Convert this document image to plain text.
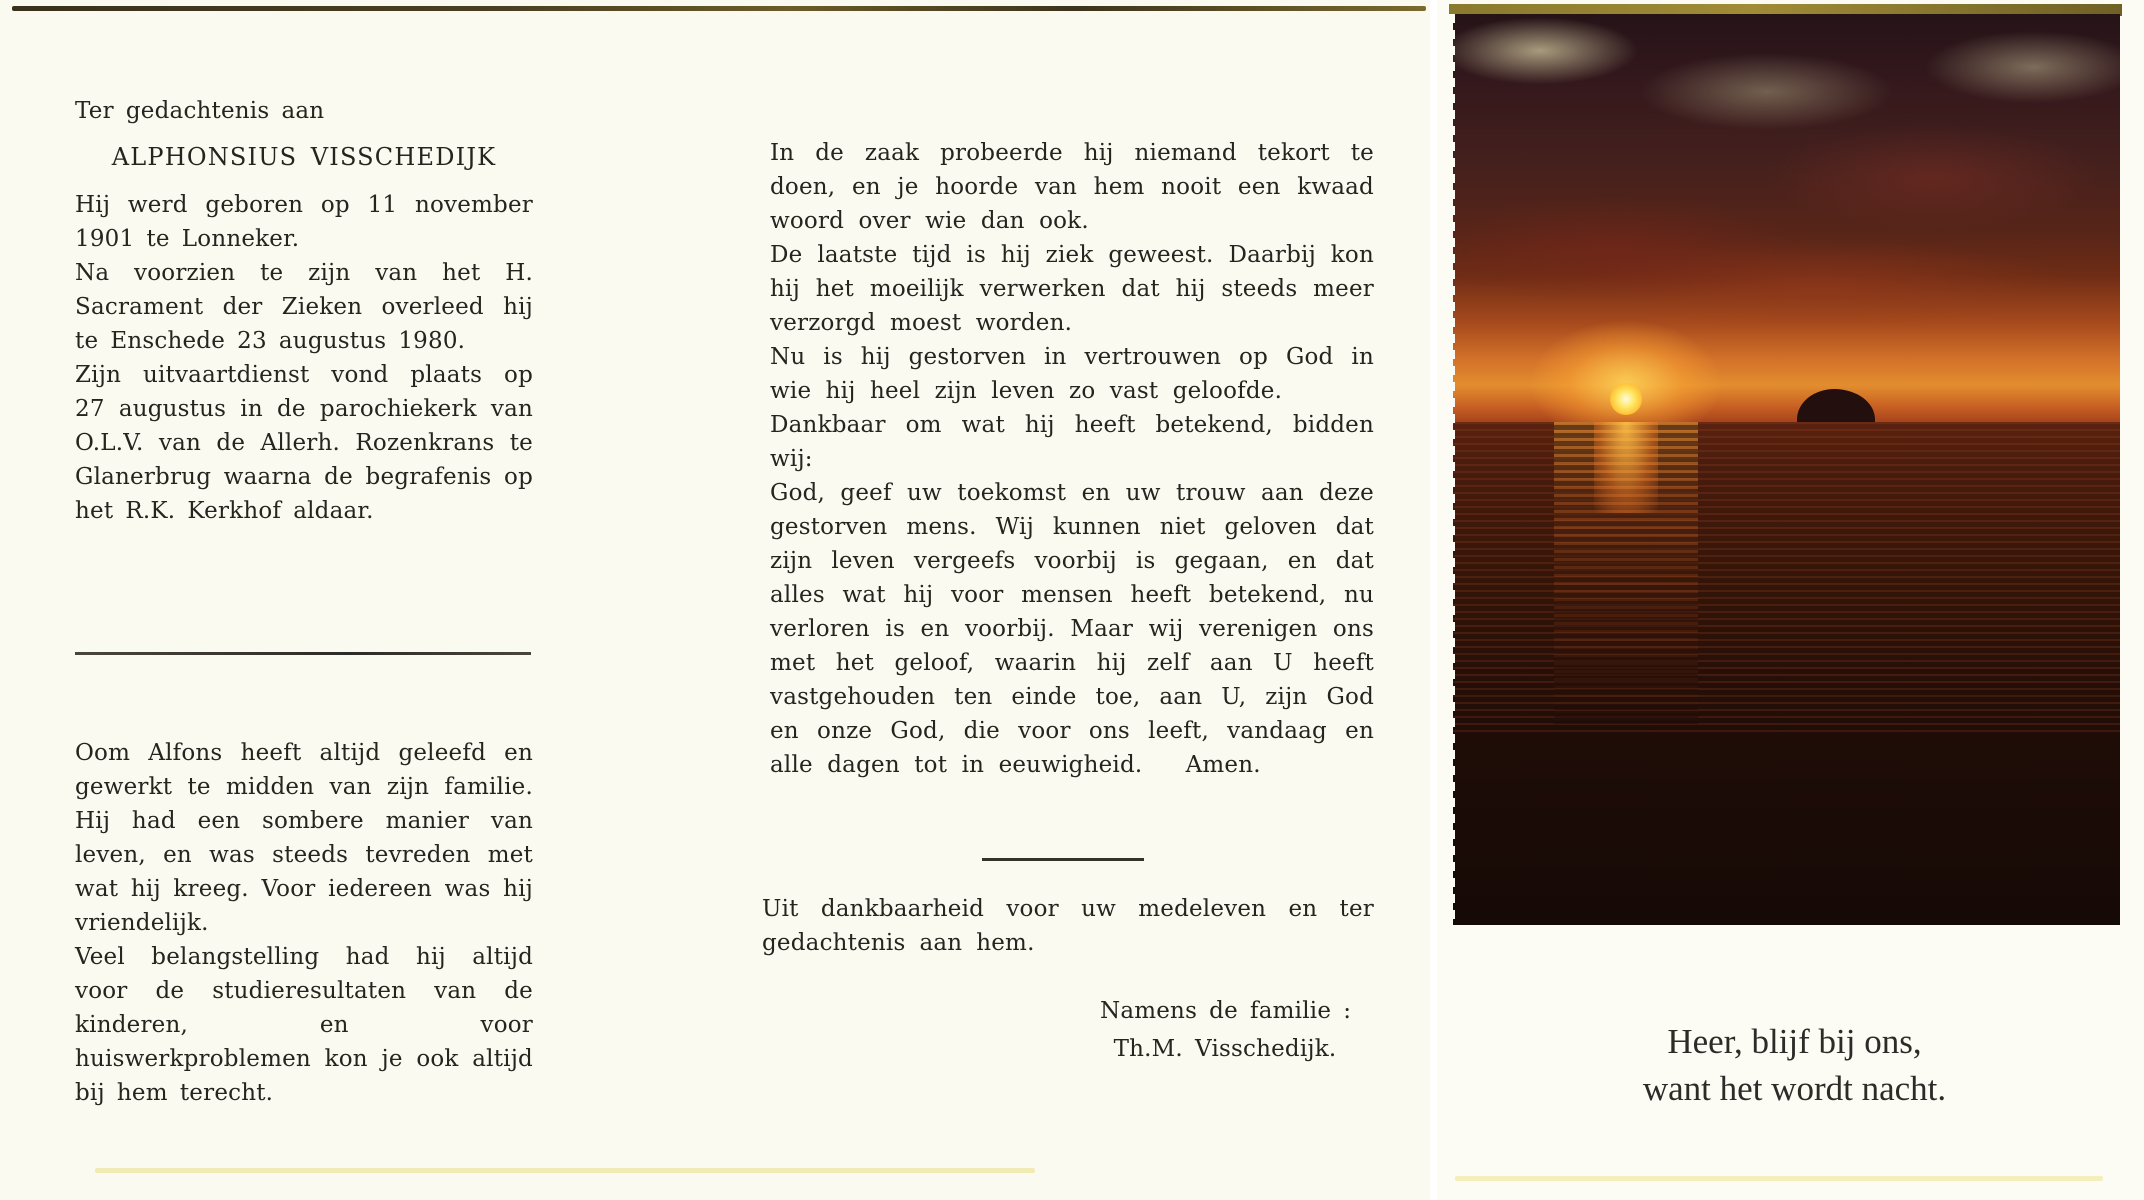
Ter gedachtenis aan

ALPHONSIUS VISSCHEDIJK

Hij werd geboren op 11 november 1901 te Lonneker.

Na voorzien te zijn van het H. Sacrament der Zieken overleed hij te Enschede 23 augustus 1980.

Zijn uitvaartdienst vond plaats op 27 augustus in de parochiekerk van O.L.V. van de Allerh. Rozenkrans te Glanerbrug waarna de begrafenis op het R.K. Kerkhof aldaar.

Oom Alfons heeft altijd geleefd en gewerkt te midden van zijn familie. Hij had een sombere manier van leven, en was steeds tevreden met wat hij kreeg. Voor iedereen was hij vriendelijk.

Veel belangstelling had hij altijd voor de studieresultaten van de kinderen, en voor huiswerkproblemen kon je ook altijd bij hem terecht.

In de zaak probeerde hij niemand tekort te doen, en je hoorde van hem nooit een kwaad woord over wie dan ook.

De laatste tijd is hij ziek geweest. Daarbij kon hij het moeilijk verwerken dat hij steeds meer verzorgd moest worden.

Nu is hij gestorven in vertrouwen op God in wie hij heel zijn leven zo vast geloofde.

Dankbaar om wat hij heeft betekend, bidden wij:

God, geef uw toekomst en uw trouw aan deze gestorven mens. Wij kunnen niet geloven dat zijn leven vergeefs voorbij is gegaan, en dat alles wat hij voor mensen heeft betekend, nu verloren is en voorbij. Maar wij verenigen ons met het geloof, waarin hij zelf aan U heeft vastgehouden ten einde toe, aan U, zijn God en onze God, die voor ons leeft, vandaag en alle dagen tot in eeuwigheid.   Amen.

Uit dankbaarheid voor uw medeleven en ter gedachtenis aan hem.

Namens de familie :

Th.M. Visschedijk.	Heer, blijf bij ons,

want het wordt nacht.
